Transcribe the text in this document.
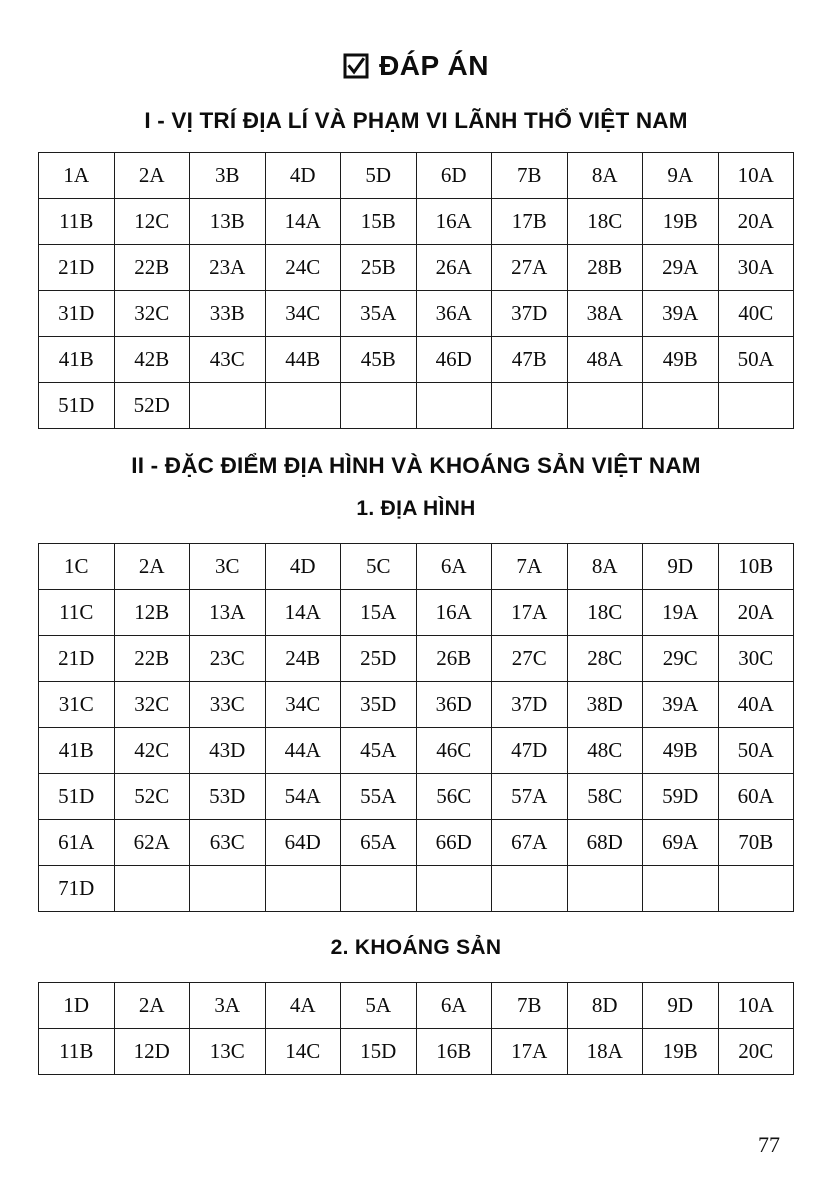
ĐÁP ÁN
I - VỊ TRÍ ĐỊA LÍ VÀ PHẠM VI LÃNH THỔ VIỆT NAM
1A	2A	3B	4D	5D	6D	7B	8A	9A	10A
11B	12C	13B	14A	15B	16A	17B	18C	19B	20A
21D	22B	23A	24C	25B	26A	27A	28B	29A	30A
31D	32C	33B	34C	35A	36A	37D	38A	39A	40C
41B	42B	43C	44B	45B	46D	47B	48A	49B	50A
51D	52D								
II - ĐẶC ĐIỂM ĐỊA HÌNH VÀ KHOÁNG SẢN VIỆT NAM
1. ĐỊA HÌNH
1C	2A	3C	4D	5C	6A	7A	8A	9D	10B
11C	12B	13A	14A	15A	16A	17A	18C	19A	20A
21D	22B	23C	24B	25D	26B	27C	28C	29C	30C
31C	32C	33C	34C	35D	36D	37D	38D	39A	40A
41B	42C	43D	44A	45A	46C	47D	48C	49B	50A
51D	52C	53D	54A	55A	56C	57A	58C	59D	60A
61A	62A	63C	64D	65A	66D	67A	68D	69A	70B
71D									
2. KHOÁNG SẢN
1D	2A	3A	4A	5A	6A	7B	8D	9D	10A
11B	12D	13C	14C	15D	16B	17A	18A	19B	20C
77
